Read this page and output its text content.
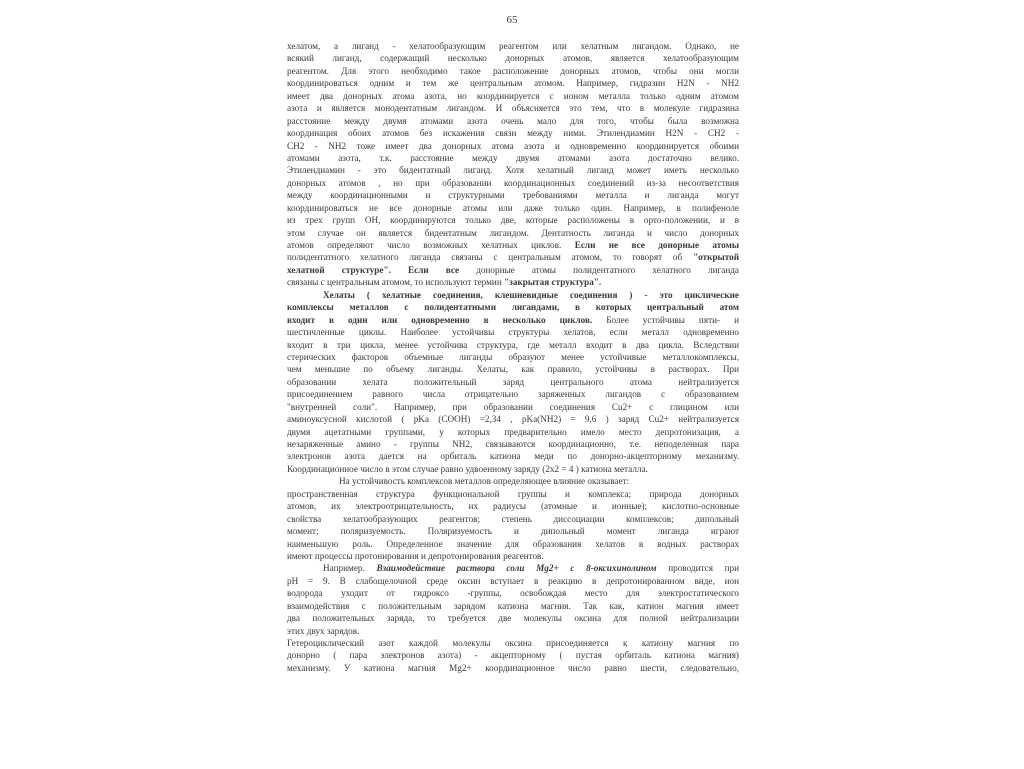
65
хелатом, а лиганд - хелатообразующим реагентом или хелатным лигандом. Однако, не
всякий лиганд, содержащий несколько донорных атомов, является хелатообразующим
реагентом. Для этого необходимо такое расположение донорных атомов, чтобы они могли
координироваться одним и тем же центральным атомом. Например, гидразин H2N - NH2
имеет два донорных атома азота, но координируется с ионом металла только одним атомом
азота и является монодентатным лигандом. И объясняется это тем, что в молекуле гидразина
расстояние между двумя атомами азота очень мало для того, чтобы была возможна
координация обоих атомов без искажения связи между ними. Этилендиамин H2N - CH2 -
CH2 - NH2 тоже имеет два донорных атома азота и одновременно координируется обоими
атомами азота, т.к. расстояние между двумя атомами азота достаточно велико.
Этилендиамин - это бидентатный лиганд. Хотя хелатный лиганд может иметь несколько
донорных атомов , но при образовании координационных соединений из-за несоответствия
между координационными и структурными требованиями металла и лиганда могут
координироваться не все донорные атомы или даже только один. Например, в полифеноле
из трех групп ОН, координируются только две, которые расположены в орто-положении, и в
этом случае он является бидентатным лигандом. Дентатность лиганда и число донорных
атомов определяют число возможных хелатных циклов. Если не все донорные атомы
полидентатного хелатного лиганда связаны с центральным атомом, то говорят об "открытой
хелатной структуре". Если все донорные атомы полидентатного хелатного лиганда
связаны с центральным атомом, то используют термин "закрытая структура".
Хелаты ( хелатные соединения, клешневидные соединения ) - это циклические
комплексы металлов с полидентатными лигандами, в которых центральный атом
входит в один или одновременно в несколько циклов. Более устойчивы пяти- и
шестичленные циклы. Наиболее устойчивы структуры хелатов, если металл одновременно
входит в три цикла, менее устойчива структура, где металл входит в два цикла. Вследствии
стерических факторов объемные лиганды образуют менее устойчивые металлокомплексы,
чем меньшие по объему лиганды. Хелаты, как правило, устойчивы в растворах. При
образовании хелата положительный заряд центрального атома нейтрализуется
присоединением равного числа отрицательно заряженных лигандов с образованием
"внутренней соли". Например, при образовании соединения Cu2+ с глицином или
аминоуксусной кислотой ( pKa (COOH) =2,34 , pKa(NH2) = 9,6 ) заряд Cu2+ нейтрализуется
двумя ацетатными группами, у которых предварительно имело место депротонизация, а
незаряженные амино - группы NH2, связываются координационно, т.е. неподеленная пара
электронов азота дается на орбиталь катиона меди по донорно-акцепторному механизму.
Координационное число в этом случае равно удвоенному заряду (2х2 = 4 ) катиона металла.
На устойчивость комплексов металлов определяющее влияние оказывает:
пространственная структура функциональной группы и комплекса; природа донорных
атомов, их электроотрицательность, их радиусы (атомные и ионные); кислотно-основные
свойства хелатообразующих реагентов; степень диссоциации комплексов; дипольный
момент; поляризуемость. Поляризуемость и дипольный момент лиганда играют
наименьшую роль. Определенное значение для образования хелатов в водных растворах
имеют процессы протонирования и депротонирования реагентов.
Например. Взаимодействие раствора соли Mg2+ с 8-оксихинолином проводится при
pH = 9. В слабощелочной среде оксин вступает в реакцию в депротонированном виде, ион
водорода уходит от гидроксо -группы, освобождая место для электростатического
взаимодействия с положительным зарядом катиона магния. Так как, катион магния имеет
два положительных заряда, то требуется две молекулы оксина для полной нейтрализации
этих двух зарядов.
Гетероциклический азот каждой молекулы оксина присоединяется к катиону магния по
донорно ( пара электронов азота) - акцепторному ( пустая орбиталь катиона магния)
механизму. У катиона магния Mg2+ координационное число равно шести, следовательно,
